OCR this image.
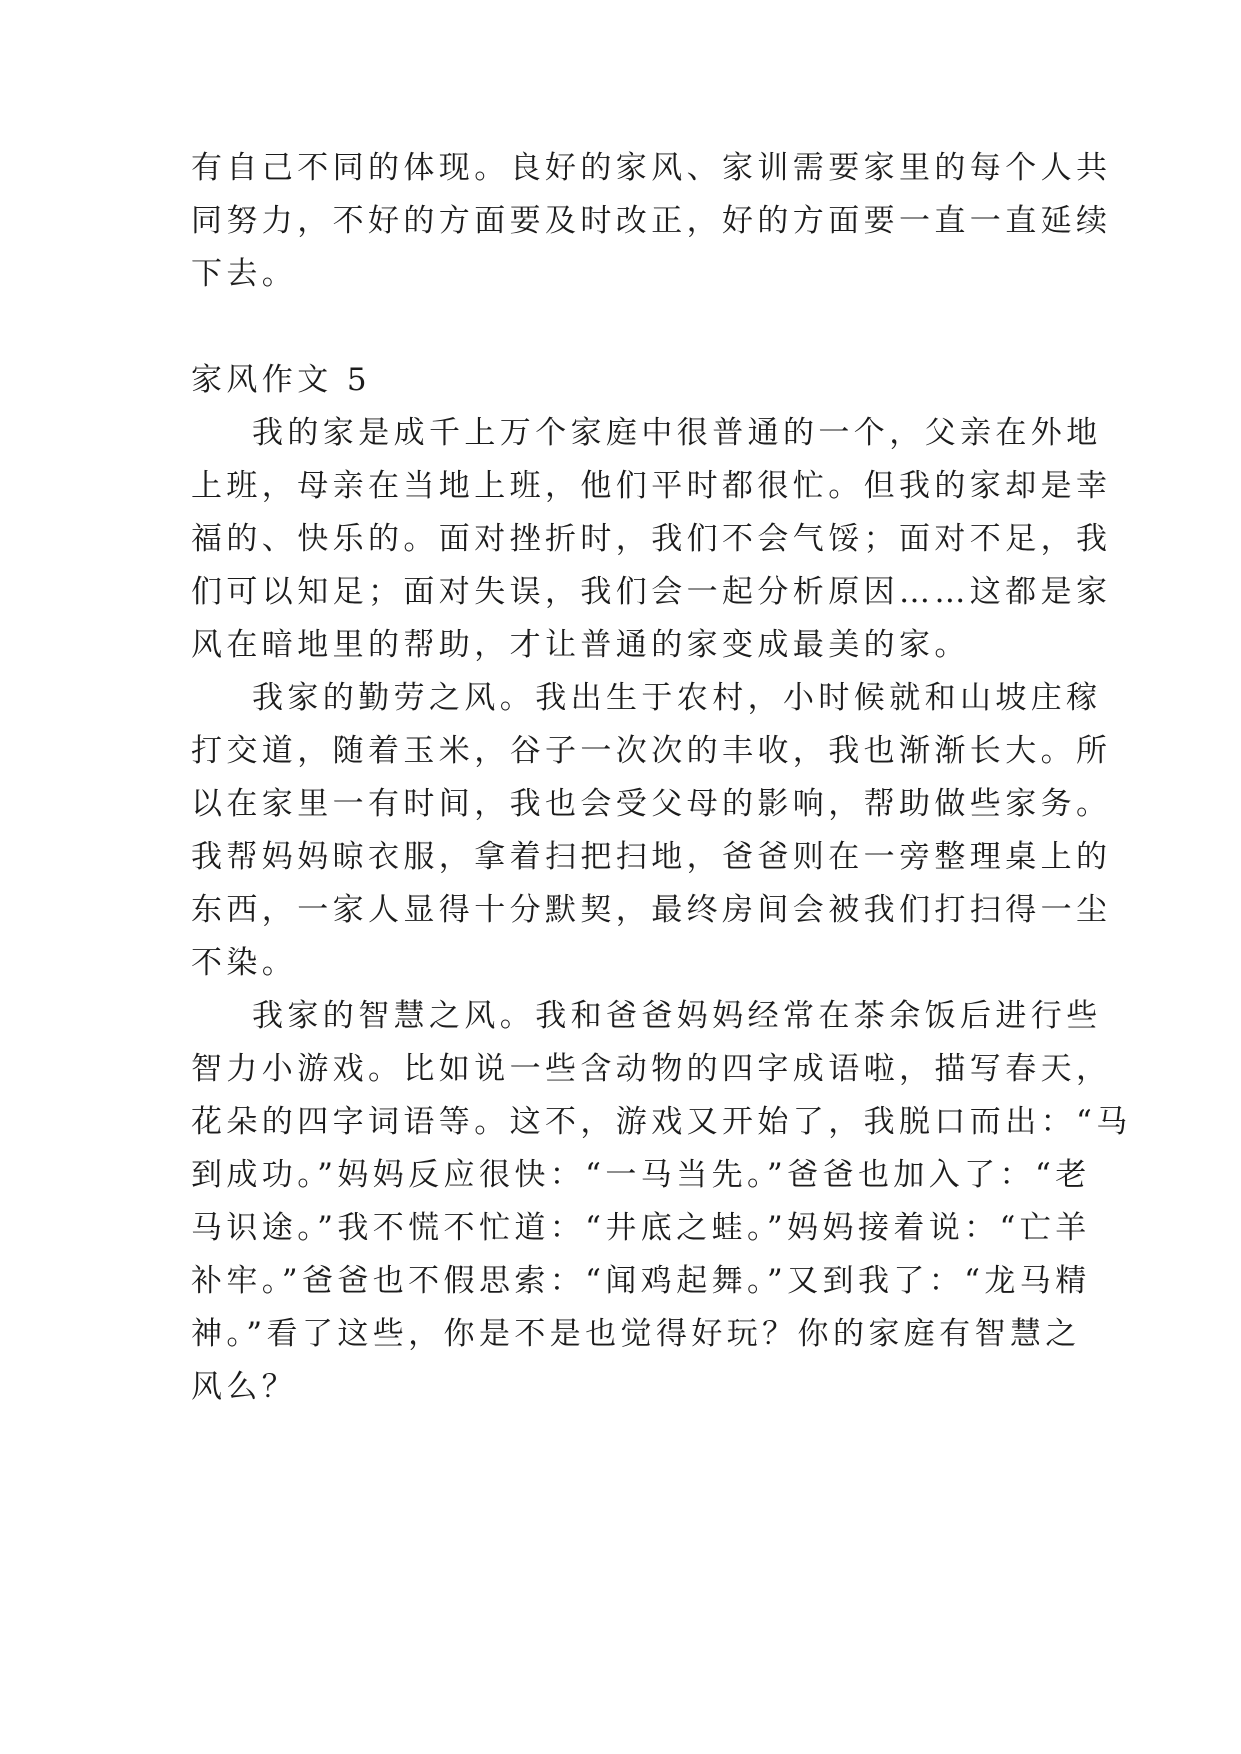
有自己不同的体现。良好的家风、家训需要家里的每个人共
同努力，不好的方面要及时改正，好的方面要一直一直延续
下去。
家风作文 5
我的家是成千上万个家庭中很普通的一个，父亲在外地
上班，母亲在当地上班，他们平时都很忙。但我的家却是幸
福的、快乐的。面对挫折时，我们不会气馁；面对不足，我
们可以知足；面对失误，我们会一起分析原因……这都是家
风在暗地里的帮助，才让普通的家变成最美的家。
我家的勤劳之风。我出生于农村，小时候就和山坡庄稼
打交道，随着玉米，谷子一次次的丰收，我也渐渐长大。所
以在家里一有时间，我也会受父母的影响，帮助做些家务。
我帮妈妈晾衣服，拿着扫把扫地，爸爸则在一旁整理桌上的
东西，一家人显得十分默契，最终房间会被我们打扫得一尘
不染。
我家的智慧之风。我和爸爸妈妈经常在茶余饭后进行些
智力小游戏。比如说一些含动物的四字成语啦，描写春天，
花朵的四字词语等。这不，游戏又开始了，我脱口而出：“马
到成功。”妈妈反应很快：“一马当先。”爸爸也加入了：“老
马识途。”我不慌不忙道：“井底之蛙。”妈妈接着说：“亡羊
补牢。”爸爸也不假思索：“闻鸡起舞。”又到我了：“龙马精
神。”看了这些，你是不是也觉得好玩？你的家庭有智慧之
风么？
